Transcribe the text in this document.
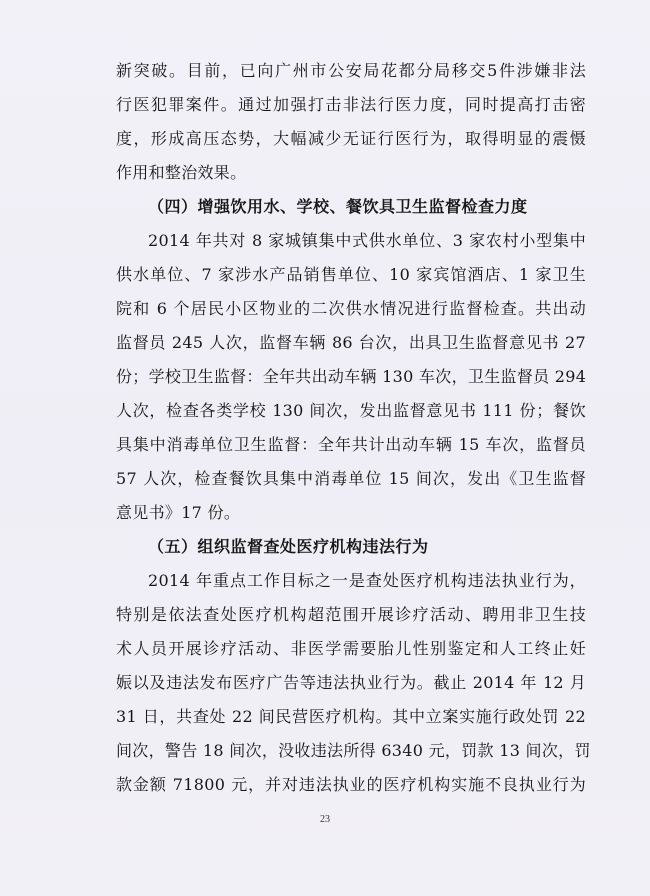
新突破。目前，已向广州市公安局花都分局移交5件涉嫌非法
行医犯罪案件。通过加强打击非法行医力度，同时提高打击密
度，形成高压态势，大幅减少无证行医行为，取得明显的震慑
作用和整治效果。
（四）增强饮用水、学校、餐饮具卫生监督检查力度
2014 年共对 8 家城镇集中式供水单位、3 家农村小型集中
供水单位、7 家涉水产品销售单位、10 家宾馆酒店、1 家卫生
院和 6 个居民小区物业的二次供水情况进行监督检查。共出动
监督员 245 人次，监督车辆 86 台次，出具卫生监督意见书 27
份；学校卫生监督：全年共出动车辆 130 车次，卫生监督员 294
人次，检查各类学校 130 间次，发出监督意见书 111 份；餐饮
具集中消毒单位卫生监督：全年共计出动车辆 15 车次，监督员
57 人次，检查餐饮具集中消毒单位 15 间次，发出《卫生监督
意见书》17 份。
（五）组织监督查处医疗机构违法行为
2014 年重点工作目标之一是查处医疗机构违法执业行为，
特别是依法查处医疗机构超范围开展诊疗活动、聘用非卫生技
术人员开展诊疗活动、非医学需要胎儿性别鉴定和人工终止妊
娠以及违法发布医疗广告等违法执业行为。截止 2014 年 12 月
31 日，共查处 22 间民营医疗机构。其中立案实施行政处罚 22
间次，警告 18 间次，没收违法所得 6340 元，罚款 13 间次，罚
款金额 71800 元，并对违法执业的医疗机构实施不良执业行为
23
